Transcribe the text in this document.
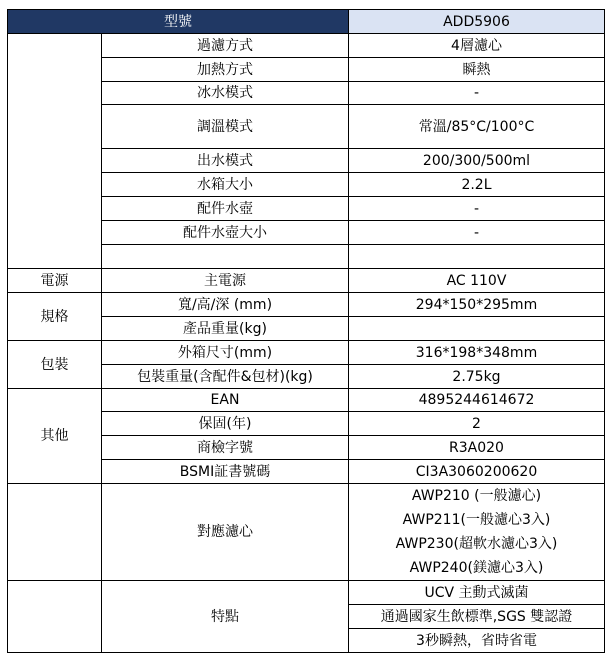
型號		ADD5906
	過濾方式	4層濾心
	加熱方式	瞬熱
	冰水模式	-
	調溫模式	常溫/85°C/100°C
	出水模式	200/300/500ml
	水箱大小	2.2L
	配件水壺	-
	配件水壺大小	-

電源	主電源	AC 110V
規格	寬/高/深 (mm)	294*150*295mm
	產品重量(kg)	
包裝	外箱尺寸(mm)	316*198*348mm
	包裝重量(含配件&包材)(kg)	2.75kg
其他	EAN	4895244614672
	保固(年)	2
	商檢字號	R3A020
	BSMI証書號碼	CI3A3060200620
	對應濾心	AWP210 (一般濾心)
AWP211(一般濾心3入)
AWP230(超軟水濾心3入)
AWP240(鎂濾心3入)

	特點	UCV 主動式滅菌
		通過國家生飲標準,SGS 雙認證
		3秒瞬熱，省時省電
